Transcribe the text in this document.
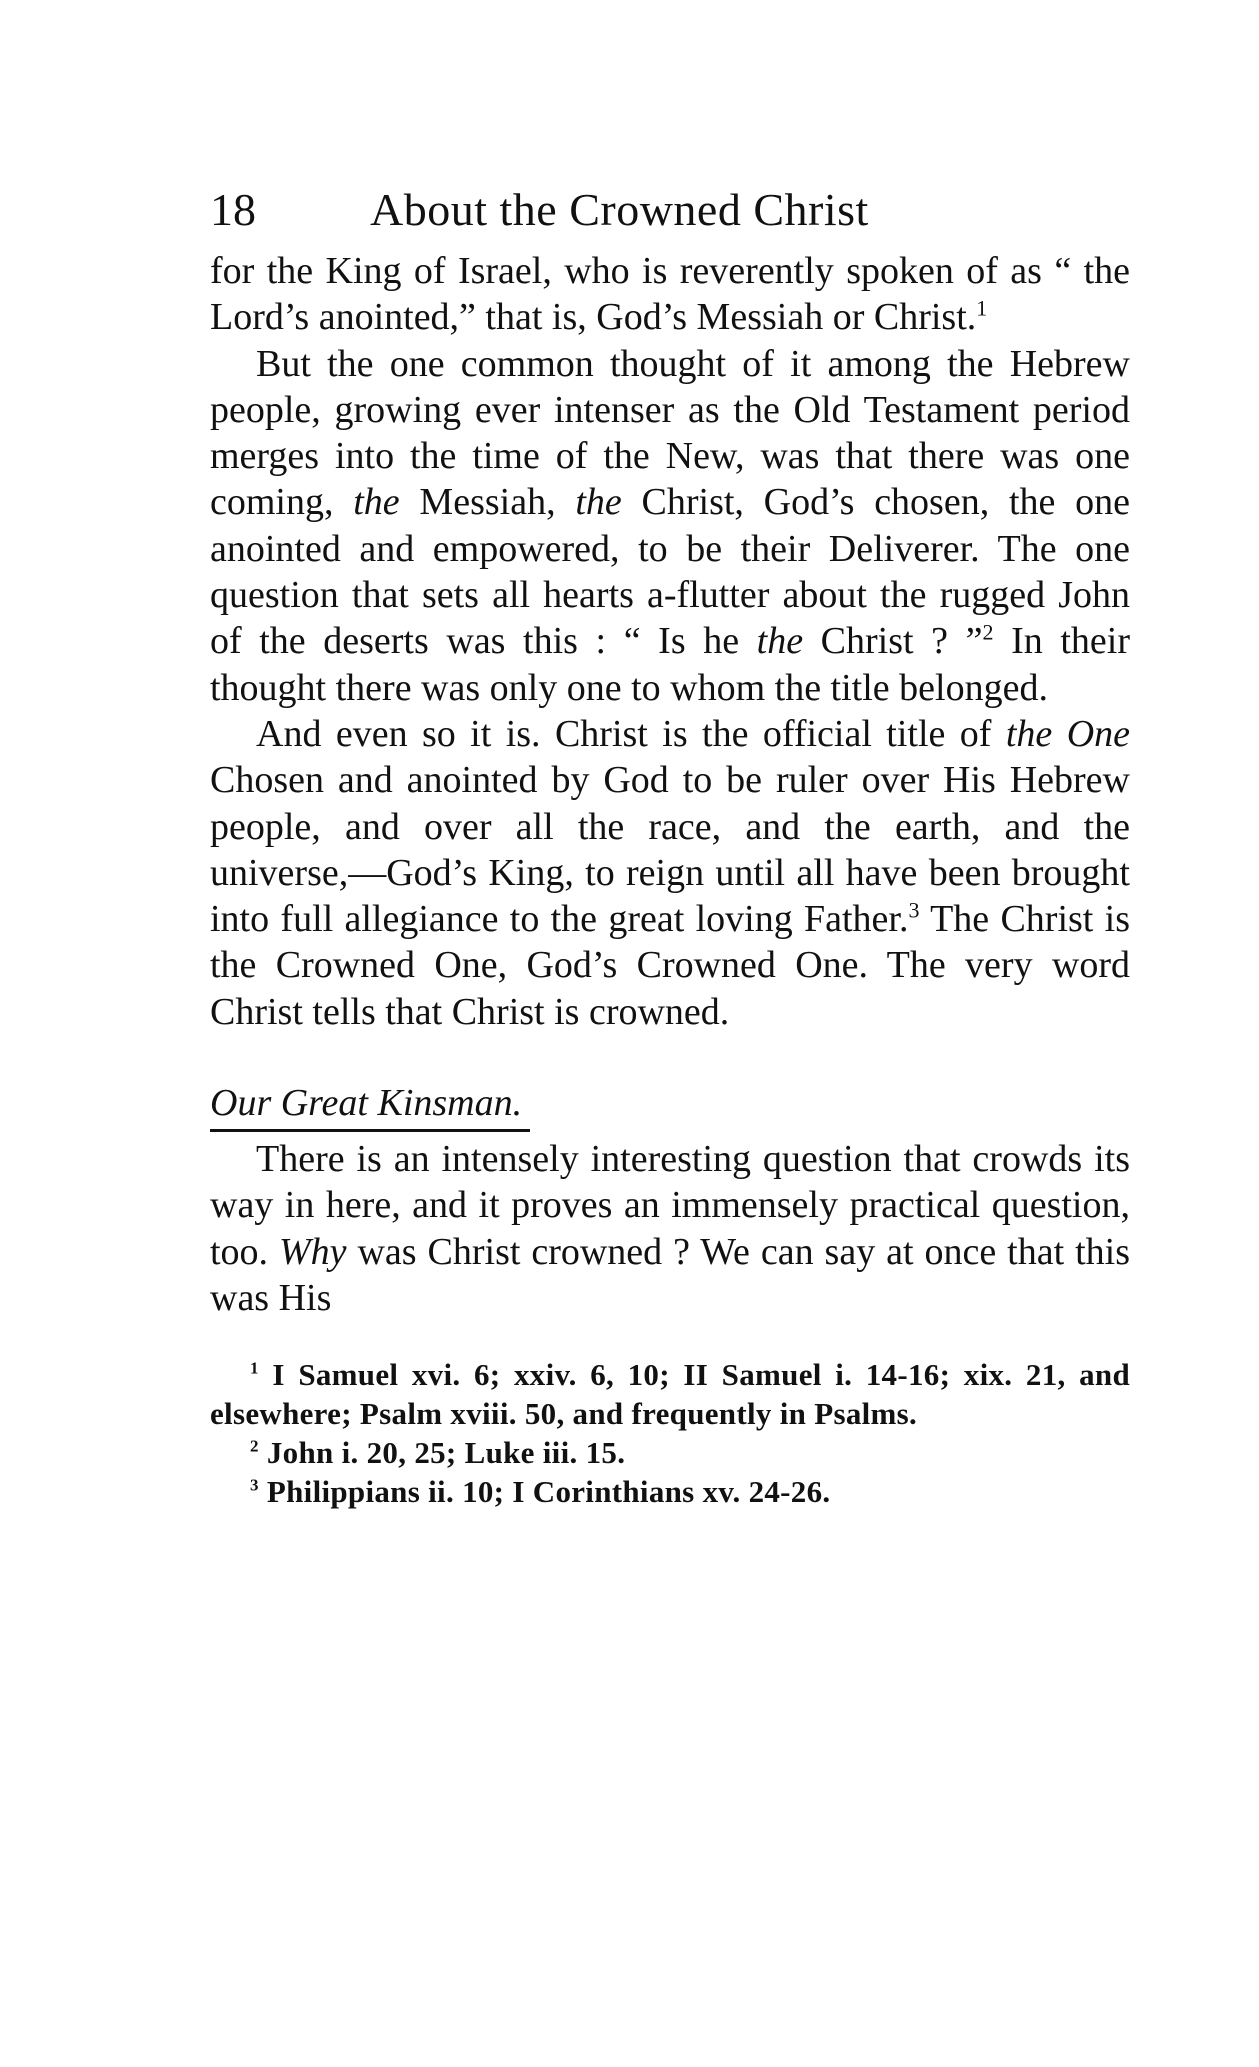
18	About the Crowned Christ

for the King of Israel, who is reverently spoken of as “ the Lord’s anointed,” that is, God’s Messiah or Christ.$^1$

But the one common thought of it among the Hebrew people, growing ever intenser as the Old Testament period merges into the time of the New, was that there was one coming, the Messiah, the Christ, God’s chosen, the one anointed and empowered, to be their Deliverer. The one question that sets all hearts a-flutter about the rugged John of the deserts was this : “ Is he the Christ ? ”$^2$ In their thought there was only one to whom the title belonged.

And even so it is. Christ is the official title of the One Chosen and anointed by God to be ruler over His Hebrew people, and over all the race, and the earth, and the universe,—God’s King, to reign until all have been brought into full allegiance to the great loving Father.$^3$ The Christ is the Crowned One, God’s Crowned One. The very word Christ tells that Christ is crowned.

Our Great Kinsman.

There is an intensely interesting question that crowds its way in here, and it proves an immensely practical question, too. Why was Christ crowned ? We can say at once that this was His

$^1$ I Samuel xvi. 6; xxiv. 6, 10; II Samuel i. 14-16; xix. 21, and elsewhere; Psalm xviii. 50, and frequently in Psalms.

$^2$ John i. 20, 25; Luke iii. 15.

$^3$ Philippians ii. 10; I Corinthians xv. 24-26.
